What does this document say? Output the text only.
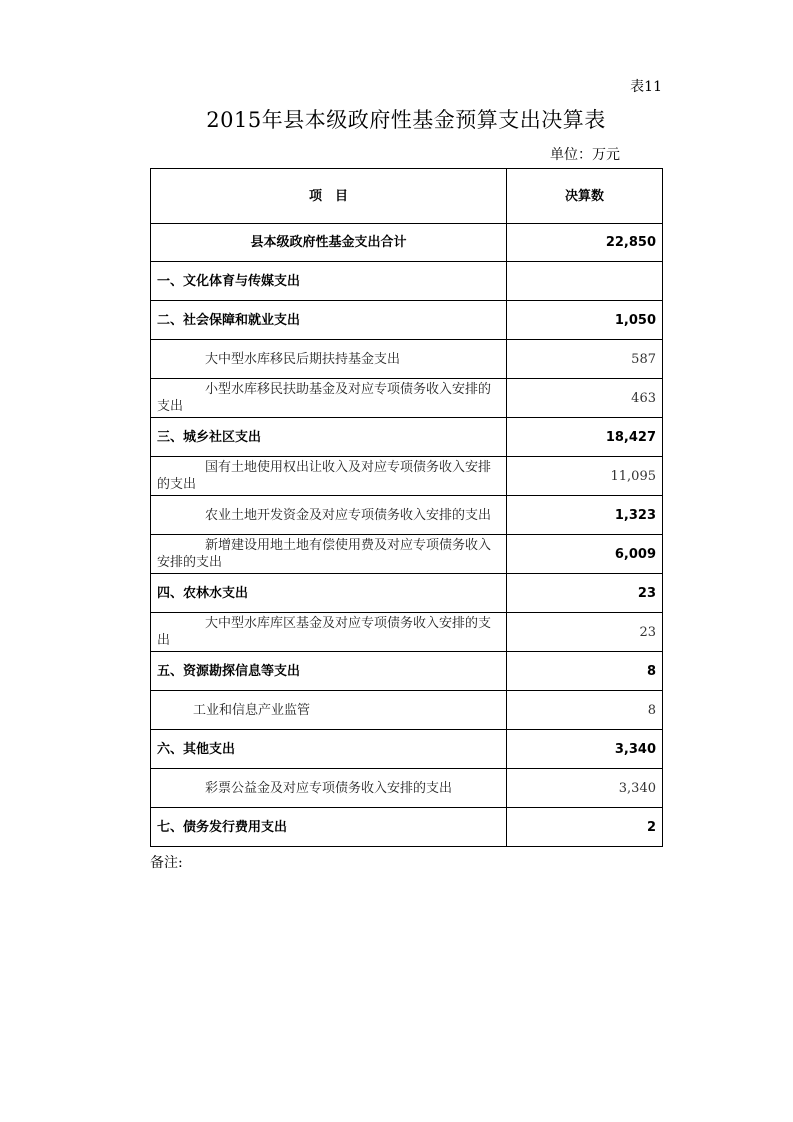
表11
2015年县本级政府性基金预算支出决算表
单位：万元
项　目	决算数
县本级政府性基金支出合计	22,850
一、文化体育与传媒支出	
二、社会保障和就业支出	1,050
大中型水库移民后期扶持基金支出	587
小型水库移民扶助基金及对应专项债务收入安排的支出	463
三、城乡社区支出	18,427
国有土地使用权出让收入及对应专项债务收入安排的支出	11,095
农业土地开发资金及对应专项债务收入安排的支出	1,323
新增建设用地土地有偿使用费及对应专项债务收入安排的支出	6,009
四、农林水支出	23
大中型水库库区基金及对应专项债务收入安排的支出	23
五、资源勘探信息等支出	8
工业和信息产业监管	8
六、其他支出	3,340
彩票公益金及对应专项债务收入安排的支出	3,340
七、债务发行费用支出	2
备注:
